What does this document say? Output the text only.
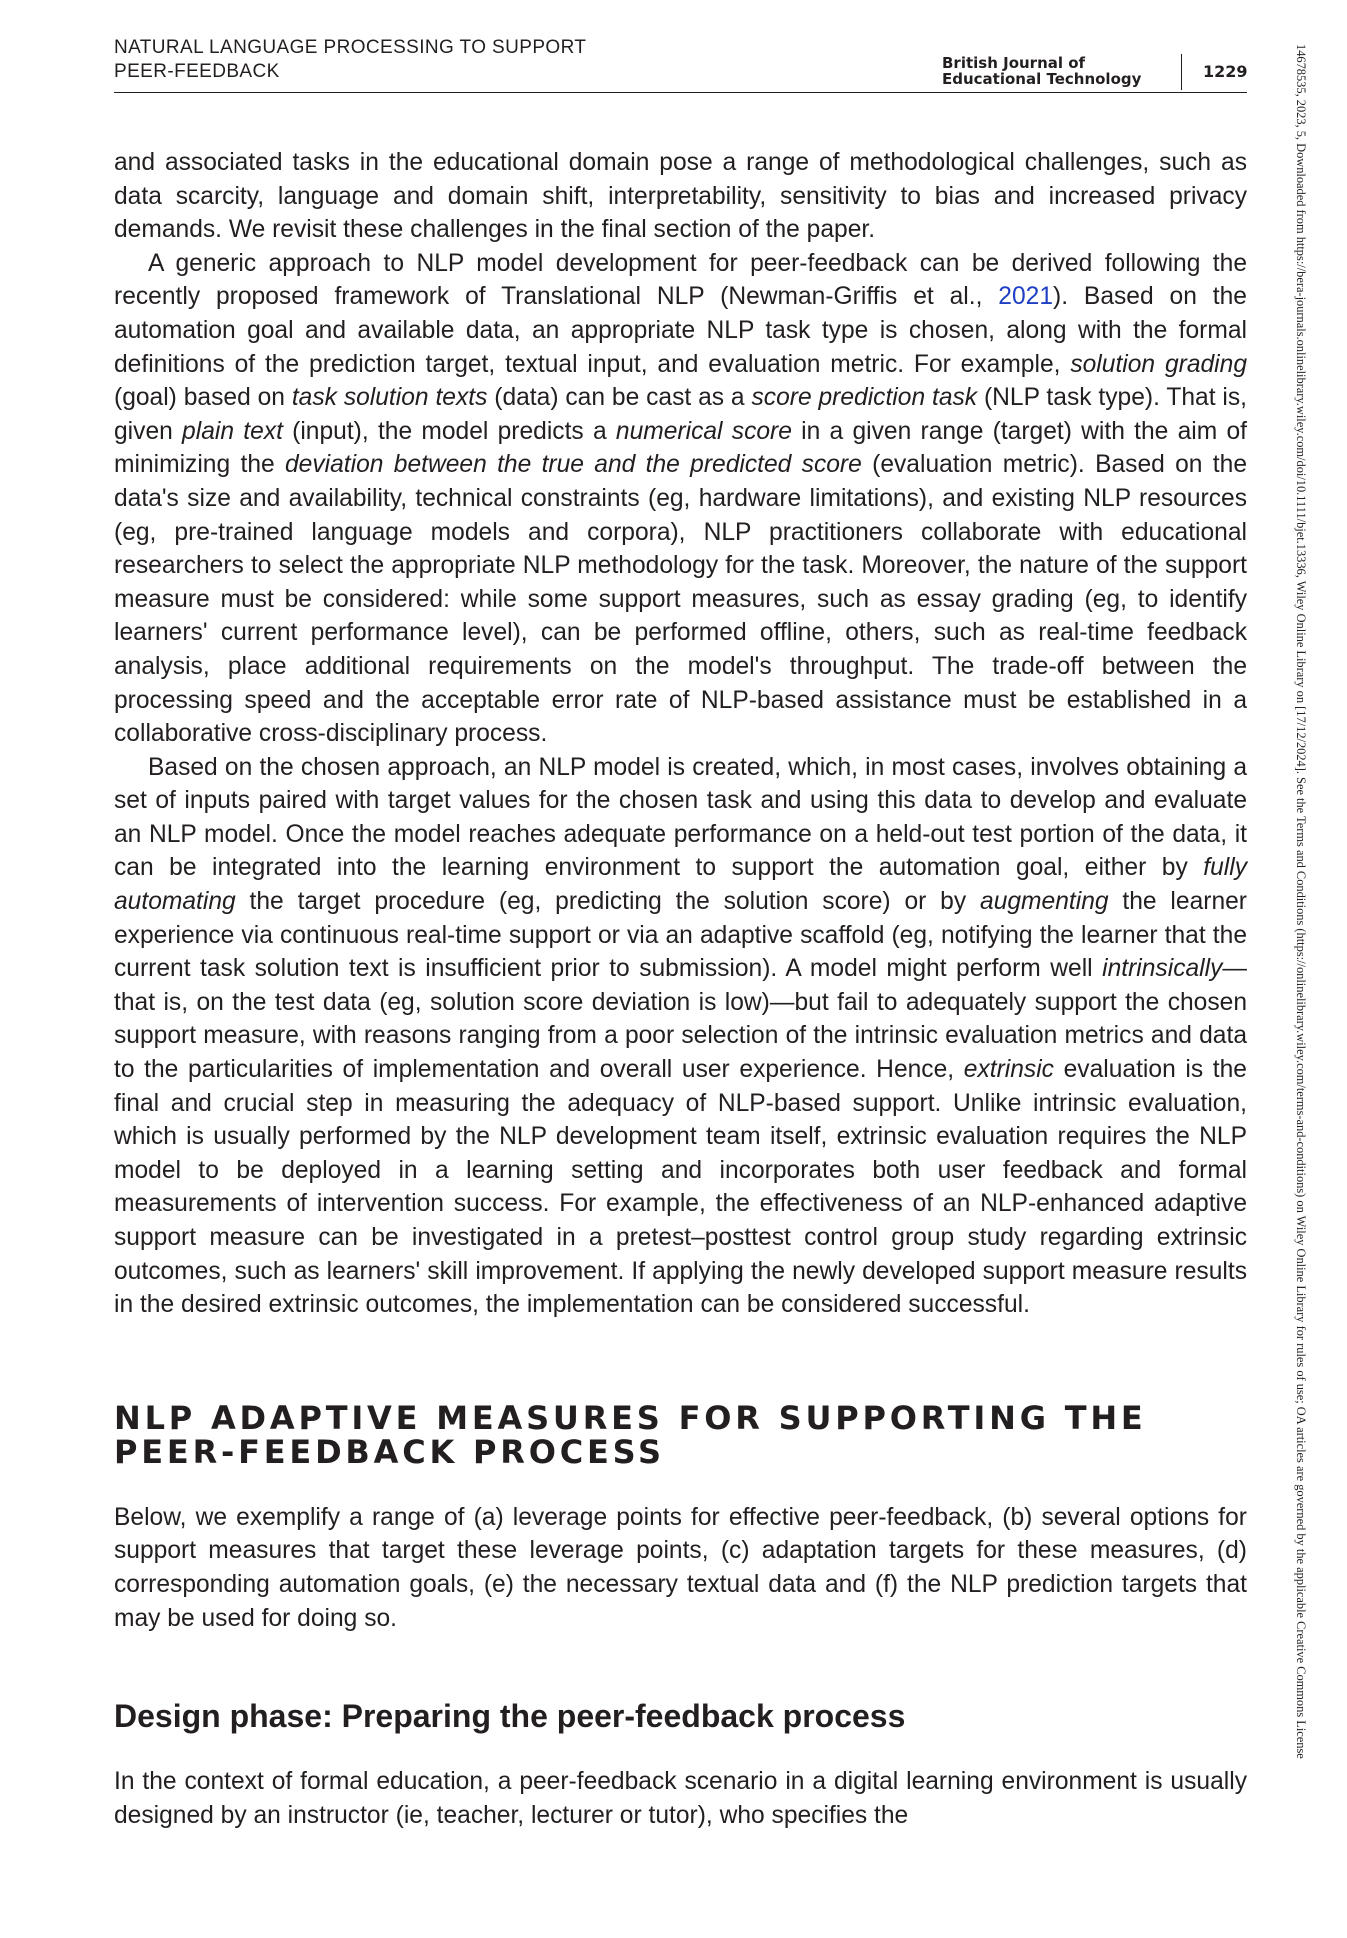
NATURAL LANGUAGE PROCESSING TO SUPPORT
PEER-FEEDBACK	British Journal of
Educational Technology	1229	14678535, 2023, 5, Downloaded from https://bera-journals.onlinelibrary.wiley.com/doi/10.1111/bjet.13336, Wiley Online Library on [17/12/2024]. See the Terms and Conditions (https://onlinelibrary.wiley.com/terms-and-conditions) on Wiley Online Library for rules of use; OA articles are governed by the applicable Creative Commons License

and associated tasks in the educational domain pose a range of methodological challenges, such as data scarcity, language and domain shift, interpretability, sensitivity to bias and increased privacy demands. We revisit these challenges in the final section of the paper.

A generic approach to NLP model development for peer-feedback can be derived following the recently proposed framework of Translational NLP (Newman-Griffis et al., 2021). Based on the automation goal and available data, an appropriate NLP task type is chosen, along with the formal definitions of the prediction target, textual input, and evaluation metric. For example, solution grading (goal) based on task solution texts (data) can be cast as a score prediction task (NLP task type). That is, given plain text (input), the model predicts a numerical score in a given range (target) with the aim of minimizing the deviation between the true and the predicted score (evaluation metric). Based on the data's size and availability, technical constraints (eg, hardware limitations), and existing NLP resources (eg, pre-trained language models and corpora), NLP practitioners collaborate with educational researchers to select the appropriate NLP methodology for the task. Moreover, the nature of the support measure must be considered: while some support measures, such as essay grading (eg, to identify learners' current performance level), can be performed offline, others, such as real-time feedback analysis, place additional requirements on the model's throughput. The trade-off between the processing speed and the acceptable error rate of NLP-based assistance must be established in a collaborative cross-disciplinary process.

Based on the chosen approach, an NLP model is created, which, in most cases, involves obtaining a set of inputs paired with target values for the chosen task and using this data to develop and evaluate an NLP model. Once the model reaches adequate performance on a held-out test portion of the data, it can be integrated into the learning environment to support the automation goal, either by fully automating the target procedure (eg, predicting the solution score) or by augmenting the learner experience via continuous real-time support or via an adaptive scaffold (eg, notifying the learner that the current task solution text is insufficient prior to submission). A model might perform well intrinsically—that is, on the test data (eg, solution score deviation is low)—but fail to adequately support the chosen support measure, with reasons ranging from a poor selection of the intrinsic evaluation metrics and data to the particularities of implementation and overall user experience. Hence, extrinsic evaluation is the final and crucial step in measuring the adequacy of NLP-based support. Unlike intrinsic evaluation, which is usually performed by the NLP development team itself, extrinsic evaluation requires the NLP model to be deployed in a learning setting and incorporates both user feedback and formal measurements of intervention success. For example, the effectiveness of an NLP-enhanced adaptive support measure can be investigated in a pretest–posttest control group study regarding extrinsic outcomes, such as learners' skill improvement. If applying the newly developed support measure results in the desired extrinsic outcomes, the implementation can be considered successful.

NLP ADAPTIVE MEASURES FOR SUPPORTING THE
PEER-FEEDBACK PROCESS

Below, we exemplify a range of (a) leverage points for effective peer-feedback, (b) several options for support measures that target these leverage points, (c) adaptation targets for these measures, (d) corresponding automation goals, (e) the necessary textual data and (f) the NLP prediction targets that may be used for doing so.

Design phase: Preparing the peer-feedback process

In the context of formal education, a peer-feedback scenario in a digital learning environment is usually designed by an instructor (ie, teacher, lecturer or tutor), who specifies the
